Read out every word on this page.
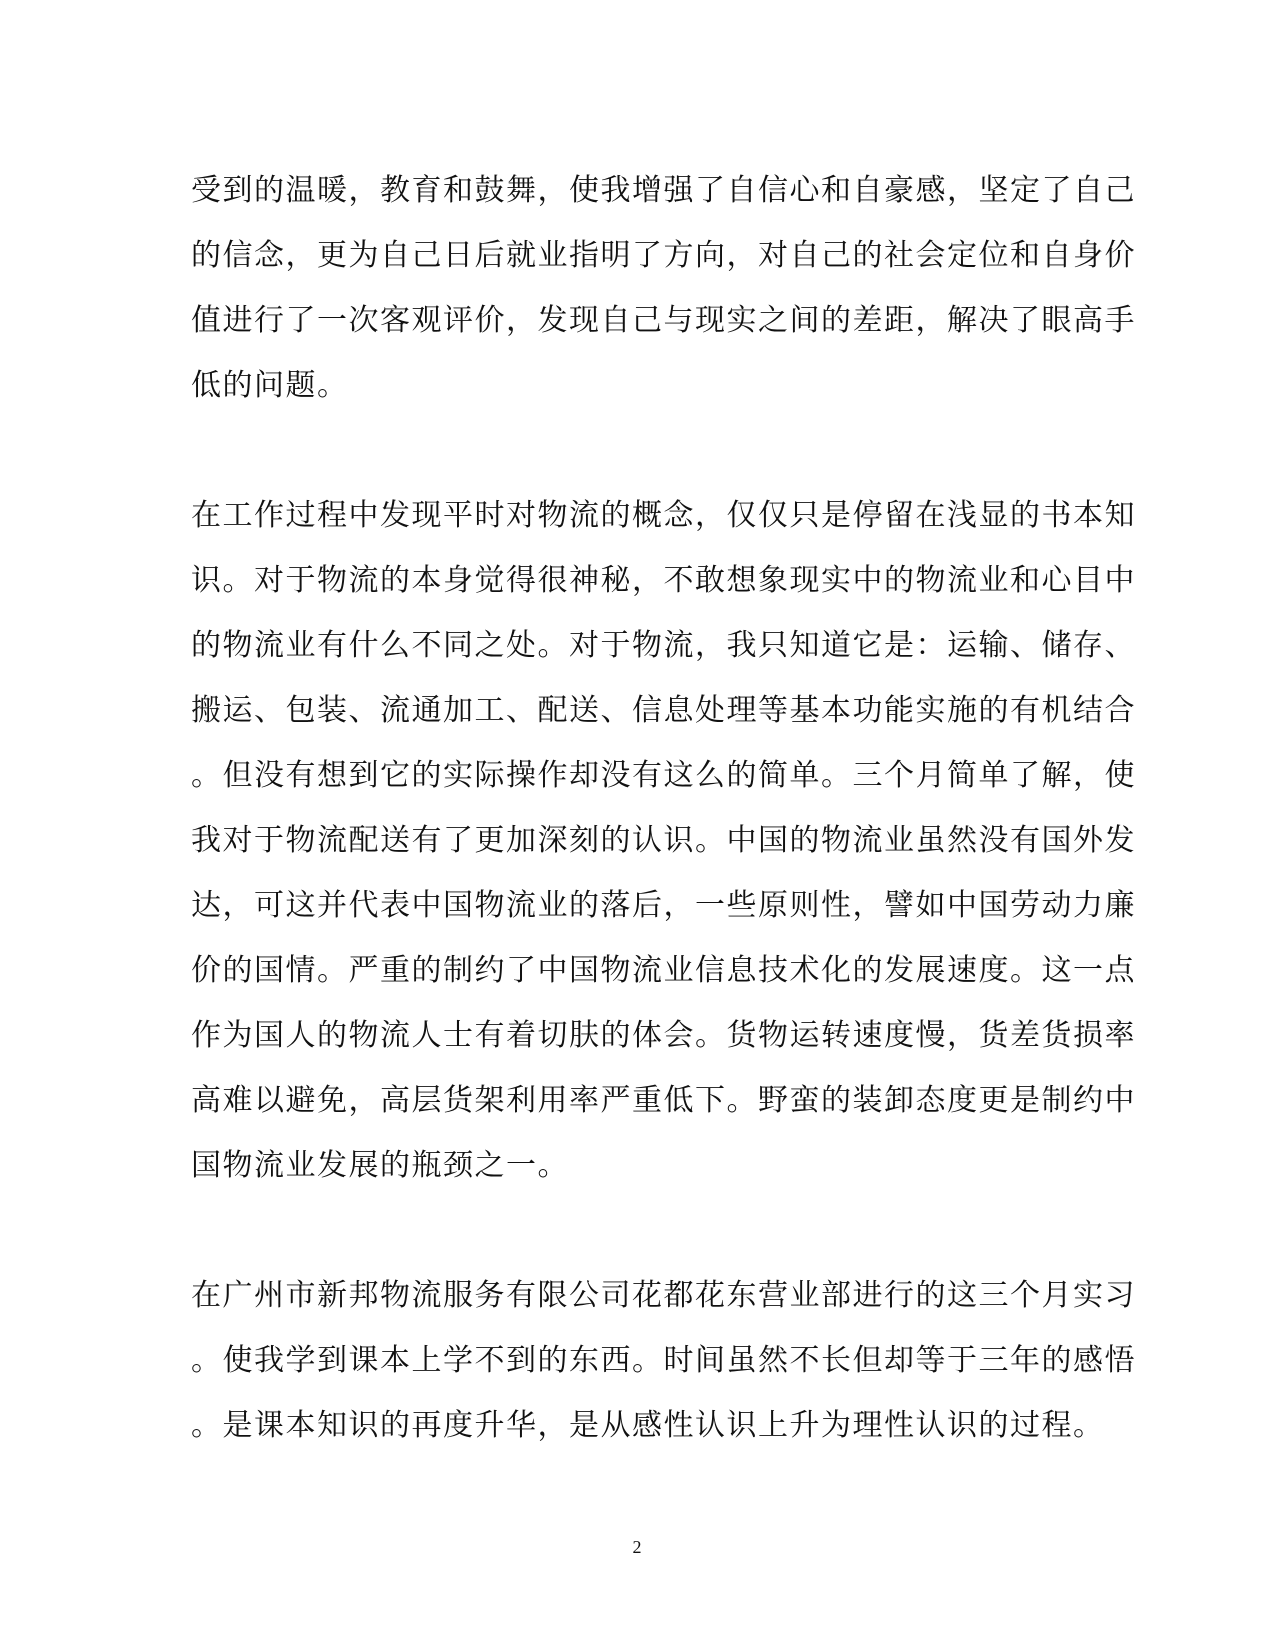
受到的温暖，教育和鼓舞，使我增强了自信心和自豪感，坚定了自己
的信念，更为自己日后就业指明了方向，对自己的社会定位和自身价
值进行了一次客观评价，发现自己与现实之间的差距，解决了眼高手
低的问题。
在工作过程中发现平时对物流的概念，仅仅只是停留在浅显的书本知
识。对于物流的本身觉得很神秘，不敢想象现实中的物流业和心目中
的物流业有什么不同之处。对于物流，我只知道它是：运输、储存、
搬运、包装、流通加工、配送、信息处理等基本功能实施的有机结合
。但没有想到它的实际操作却没有这么的简单。三个月简单了解，使
我对于物流配送有了更加深刻的认识。中国的物流业虽然没有国外发
达，可这并代表中国物流业的落后，一些原则性，譬如中国劳动力廉
价的国情。严重的制约了中国物流业信息技术化的发展速度。这一点
作为国人的物流人士有着切肤的体会。货物运转速度慢，货差货损率
高难以避免，高层货架利用率严重低下。野蛮的装卸态度更是制约中
国物流业发展的瓶颈之一。
在广州市新邦物流服务有限公司花都花东营业部进行的这三个月实习
。使我学到课本上学不到的东西。时间虽然不长但却等于三年的感悟
。是课本知识的再度升华，是从感性认识上升为理性认识的过程。
2
